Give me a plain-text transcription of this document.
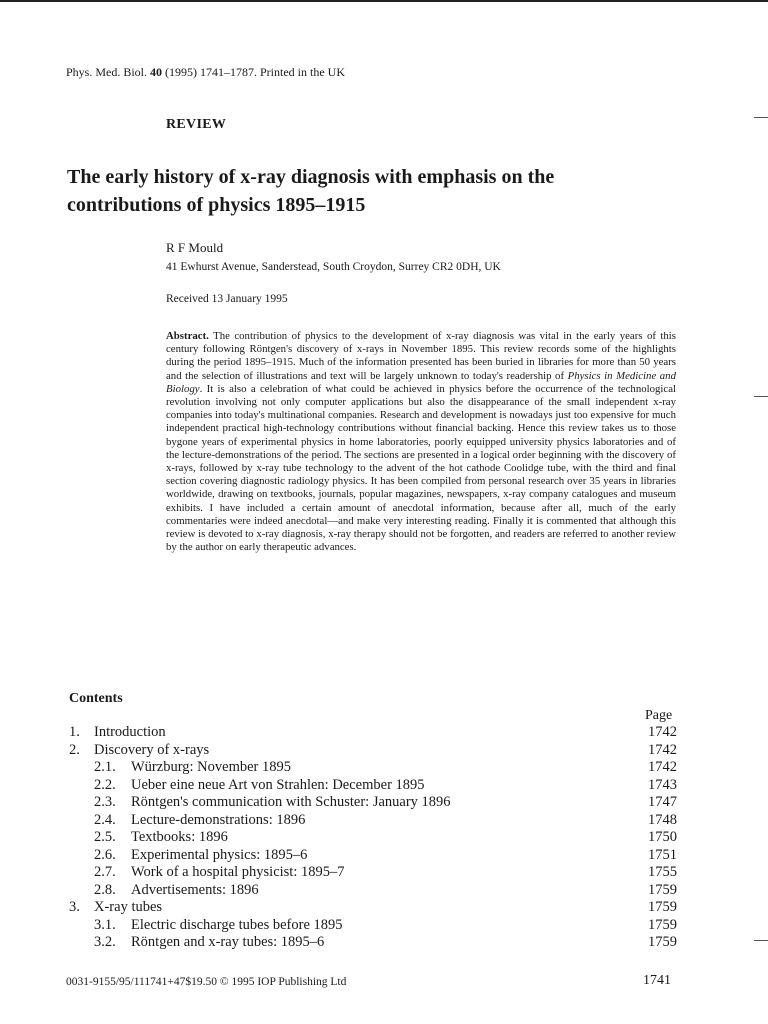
Phys. Med. Biol. 40 (1995) 1741–1787. Printed in the UK
REVIEW
The early history of x-ray diagnosis with emphasis on the
contributions of physics 1895–1915
R F Mould
41 Ewhurst Avenue, Sanderstead, South Croydon, Surrey CR2 0DH, UK
Received 13 January 1995

Abstract. The contribution of physics to the development of x-ray diagnosis was vital in the early years of this century following Röntgen's discovery of x-rays in November 1895. This review records some of the highlights during the period 1895–1915. Much of the information presented has been buried in libraries for more than 50 years and the selection of illustrations and text will be largely unknown to today's readership of Physics in Medicine and Biology. It is also a celebration of what could be achieved in physics before the occurrence of the technological revolution involving not only computer applications but also the disappearance of the small independent x-ray companies into today's multinational companies. Research and development is nowadays just too expensive for much independent practical high-technology contributions without financial backing. Hence this review takes us to those bygone years of experimental physics in home laboratories, poorly equipped university physics laboratories and of the lecture-demonstrations of the period. The sections are presented in a logical order beginning with the discovery of x-rays, followed by x-ray tube technology to the advent of the hot cathode Coolidge tube, with the third and final section covering diagnostic radiology physics. It has been compiled from personal research over 35 years in libraries worldwide, drawing on textbooks, journals, popular magazines, newspapers, x-ray company catalogues and museum exhibits. I have included a certain amount of anecdotal information, because after all, much of the early commentaries were indeed anecdotal—and make very interesting reading. Finally it is commented that although this review is devoted to x-ray diagnosis, x-ray therapy should not be forgotten, and readers are referred to another review by the author on early therapeutic advances.

Contents
Page
1. Introduction	1742
2. Discovery of x-rays	1742
2.1. Würzburg: November 1895	1742
2.2. Ueber eine neue Art von Strahlen: December 1895	1743
2.3. Röntgen's communication with Schuster: January 1896	1747
2.4. Lecture-demonstrations: 1896	1748
2.5. Textbooks: 1896	1750
2.6. Experimental physics: 1895–6	1751
2.7. Work of a hospital physicist: 1895–7	1755
2.8. Advertisements: 1896	1759
3. X-ray tubes	1759
3.1. Electric discharge tubes before 1895	1759
3.2. Röntgen and x-ray tubes: 1895–6	1759
0031-9155/95/111741+47$19.50 © 1995 IOP Publishing Ltd	1741
